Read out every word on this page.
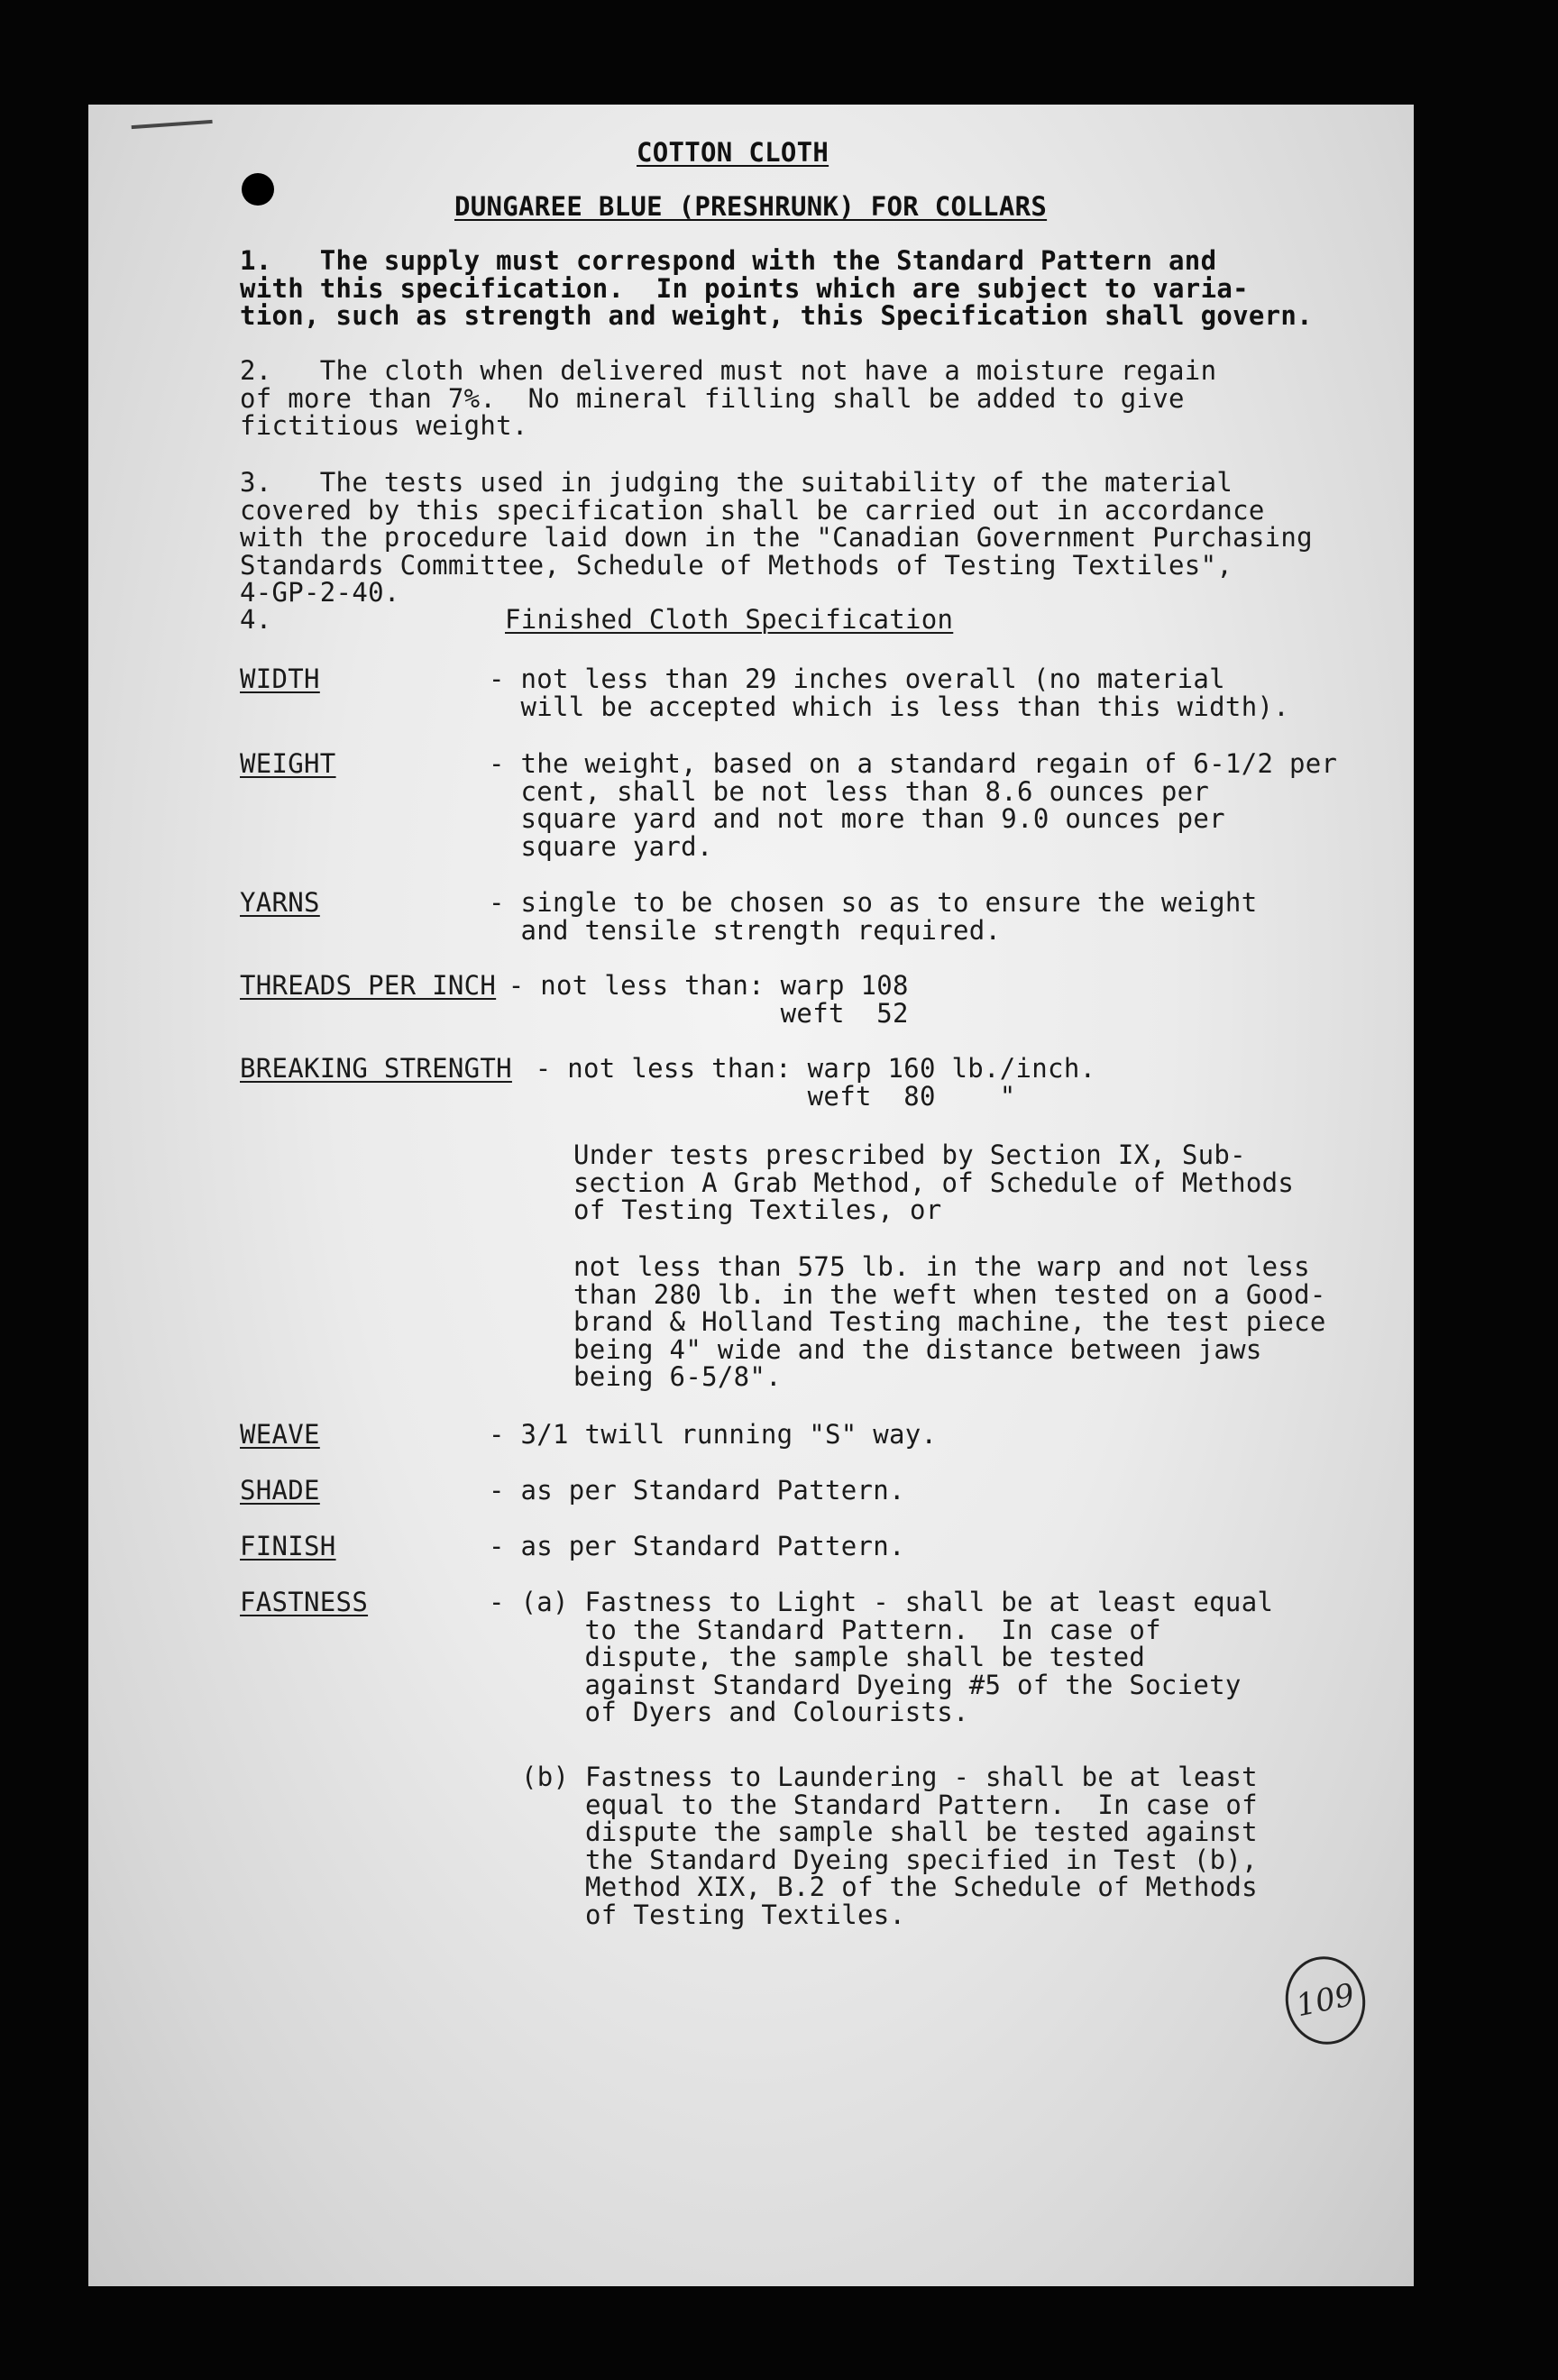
COTTON CLOTH
DUNGAREE BLUE (PRESHRUNK) FOR COLLARS
1.   The supply must correspond with the Standard Pattern and
with this specification.  In points which are subject to varia-
tion, such as strength and weight, this Specification shall govern.
2.   The cloth when delivered must not have a moisture regain
of more than 7%.  No mineral filling shall be added to give
fictitious weight.
3.   The tests used in judging the suitability of the material
covered by this specification shall be carried out in accordance
with the procedure laid down in the "Canadian Government Purchasing
Standards Committee, Schedule of Methods of Testing Textiles",
4-GP-2-40.
4.	Finished Cloth Specification
WIDTH	- not less than 29 inches overall (no material
will be accepted which is less than this width).
WEIGHT	- the weight, based on a standard regain of 6-1/2 per
cent, shall be not less than 8.6 ounces per
square yard and not more than 9.0 ounces per
square yard.
YARNS	- single to be chosen so as to ensure the weight
and tensile strength required.
THREADS PER INCH - not less than: warp 108
weft  52
BREAKING STRENGTH - not less than: warp 160 lb./inch.
weft  80    "
Under tests prescribed by Section IX, Sub-
section A Grab Method, of Schedule of Methods
of Testing Textiles, or
not less than 575 lb. in the warp and not less
than 280 lb. in the weft when tested on a Good-
brand & Holland Testing machine, the test piece
being 4" wide and the distance between jaws
being 6-5/8".
WEAVE	- 3/1 twill running "S" way.
SHADE	- as per Standard Pattern.
FINISH	- as per Standard Pattern.
FASTNESS	- (a) Fastness to Light - shall be at least equal
to the Standard Pattern.  In case of
dispute, the sample shall be tested
against Standard Dyeing #5 of the Society
of Dyers and Colourists.
(b) Fastness to Laundering - shall be at least
equal to the Standard Pattern.  In case of
dispute the sample shall be tested against
the Standard Dyeing specified in Test (b),
Method XIX, B.2 of the Schedule of Methods
of Testing Textiles.
109
